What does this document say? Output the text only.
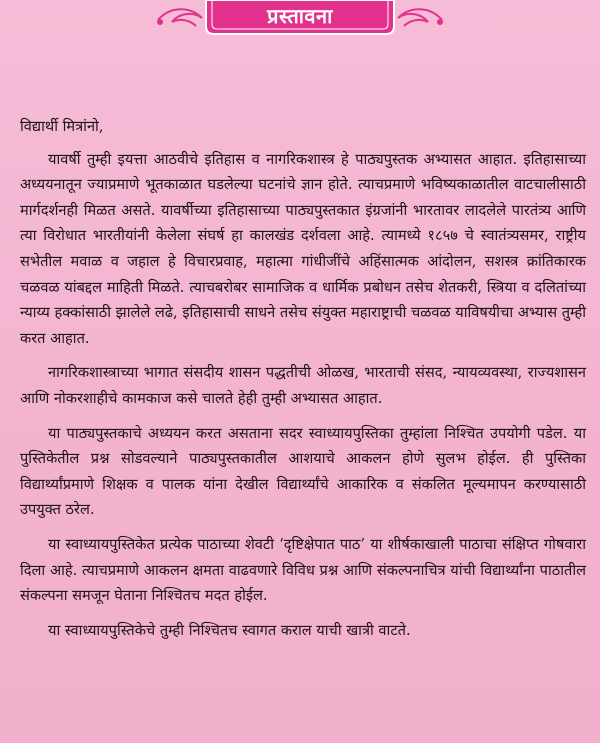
प्रस्तावना

विद्यार्थी मित्रांनो,

यावर्षी तुम्ही इयत्ता आठवीचे इतिहास व नागरिकशास्त्र हे पाठ्यपुस्तक अभ्यासत आहात. इतिहासाच्या अध्ययनातून ज्याप्रमाणे भूतकाळात घडलेल्या घटनांचे ज्ञान होते. त्याचप्रमाणे भविष्यकाळातील वाटचालीसाठी मार्गदर्शनही मिळत असते. यावर्षीच्या इतिहासाच्या पाठ्यपुस्तकात इंग्रजांनी भारतावर लादलेले पारतंत्र्य आणि त्या विरोधात भारतीयांनी केलेला संघर्ष हा कालखंड दर्शवला आहे. त्यामध्ये १८५७ चे स्वातंत्र्यसमर, राष्ट्रीय सभेतील मवाळ व जहाल हे विचारप्रवाह, महात्मा गांधीजींचे अहिंसात्मक आंदोलन, सशस्त्र क्रांतिकारक चळवळ यांबद्दल माहिती मिळते. त्याचबरोबर सामाजिक व धार्मिक प्रबोधन तसेच शेतकरी, स्त्रिया व दलितांच्या न्याय्य हक्कांसाठी झालेले लढे, इतिहासाची साधने तसेच संयुक्त महाराष्ट्राची चळवळ याविषयीचा अभ्यास तुम्ही करत आहात.

नागरिकशास्त्राच्या भागात संसदीय शासन पद्धतीची ओळख, भारताची संसद, न्यायव्यवस्था, राज्यशासन आणि नोकरशाहीचे कामकाज कसे चालते हेही तुम्ही अभ्यासत आहात.

या पाठ्यपुस्तकाचे अध्ययन करत असताना सदर स्वाध्यायपुस्तिका तुम्हांला निश्चित उपयोगी पडेल. या पुस्तिकेतील प्रश्न सोडवल्याने पाठ्यपुस्तकातील आशयाचे आकलन होणे सुलभ होईल. ही पुस्तिका विद्यार्थ्यांप्रमाणे शिक्षक व पालक यांना देखील विद्यार्थ्यांचे आकारिक व संकलित मूल्यमापन करण्यासाठी उपयुक्त ठरेल.

या स्वाध्यायपुस्तिकेत प्रत्येक पाठाच्या शेवटी ‘दृष्टिक्षेपात पाठ’ या शीर्षकाखाली पाठाचा संक्षिप्त गोषवारा दिला आहे. त्याचप्रमाणे आकलन क्षमता वाढवणारे विविध प्रश्न आणि संकल्पनाचित्र यांची विद्यार्थ्यांना पाठातील संकल्पना समजून घेताना निश्चितच मदत होईल.

या स्वाध्यायपुस्तिकेचे तुम्ही निश्चितच स्वागत कराल याची खात्री वाटते.
